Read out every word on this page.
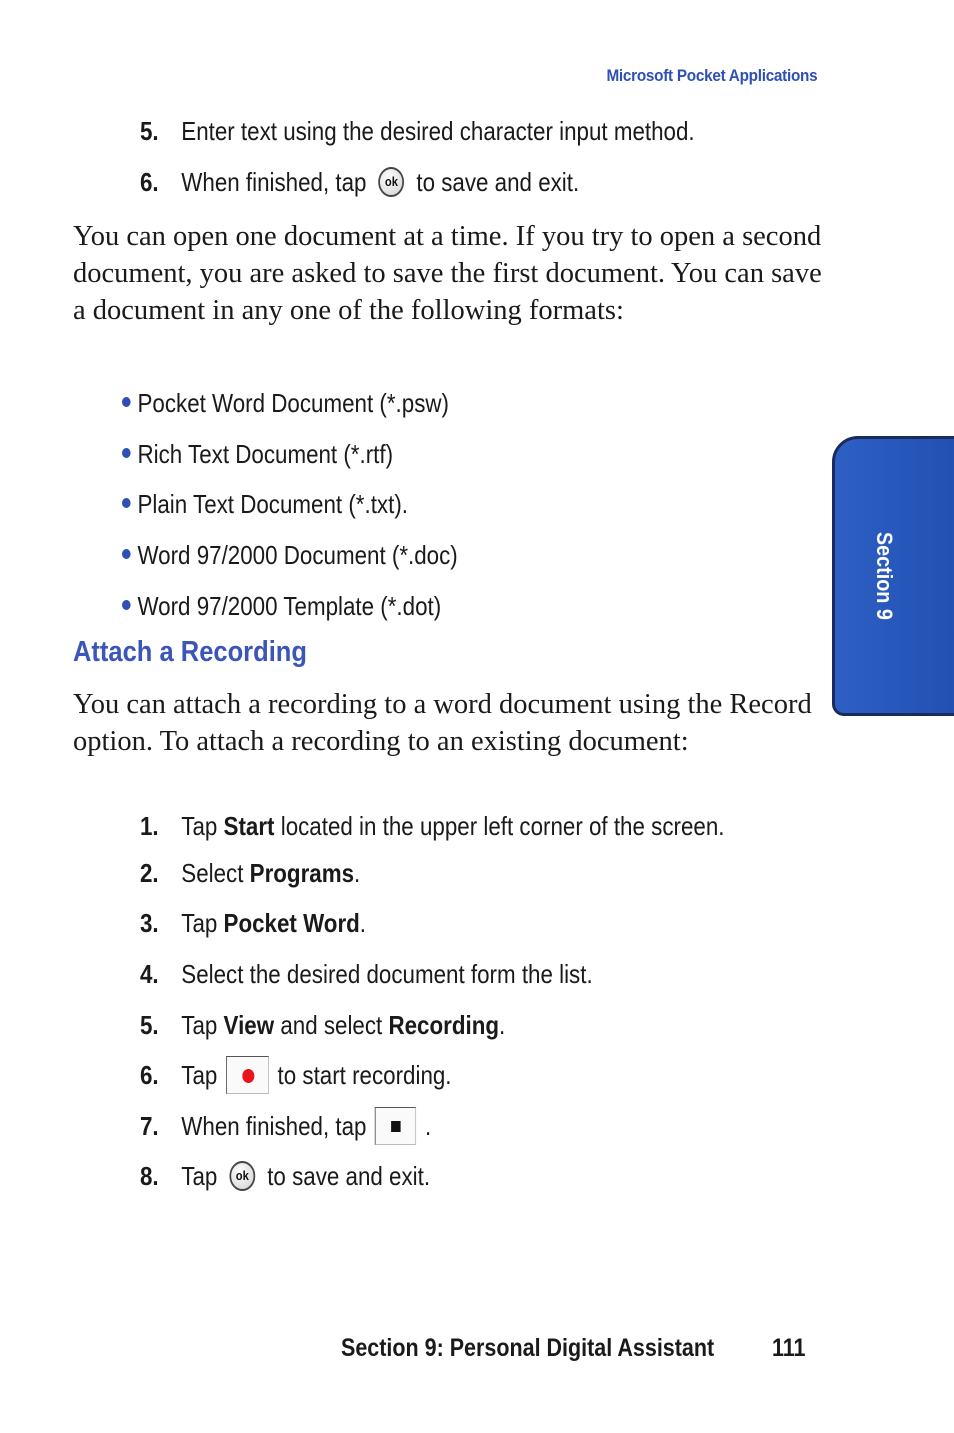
Microsoft Pocket Applications
5. Enter text using the desired character input method.
6. When finished, tap ok to save and exit.
You can open one document at a time. If you try to open a second document, you are asked to save the first document. You can save a document in any one of the following formats:
Pocket Word Document (*.psw)
Rich Text Document (*.rtf)
Plain Text Document (*.txt).
Word 97/2000 Document (*.doc)
Word 97/2000 Template (*.dot)
Attach a Recording
You can attach a recording to a word document using the Record option. To attach a recording to an existing document:
1. Tap Start located in the upper left corner of the screen.
2. Select Programs.
3. Tap Pocket Word.
4. Select the desired document form the list.
5. Tap View and select Recording.
6. Tap to start recording.
7. When finished, tap .
8. Tap ok to save and exit.
Section 9
Section 9: Personal Digital Assistant 111
